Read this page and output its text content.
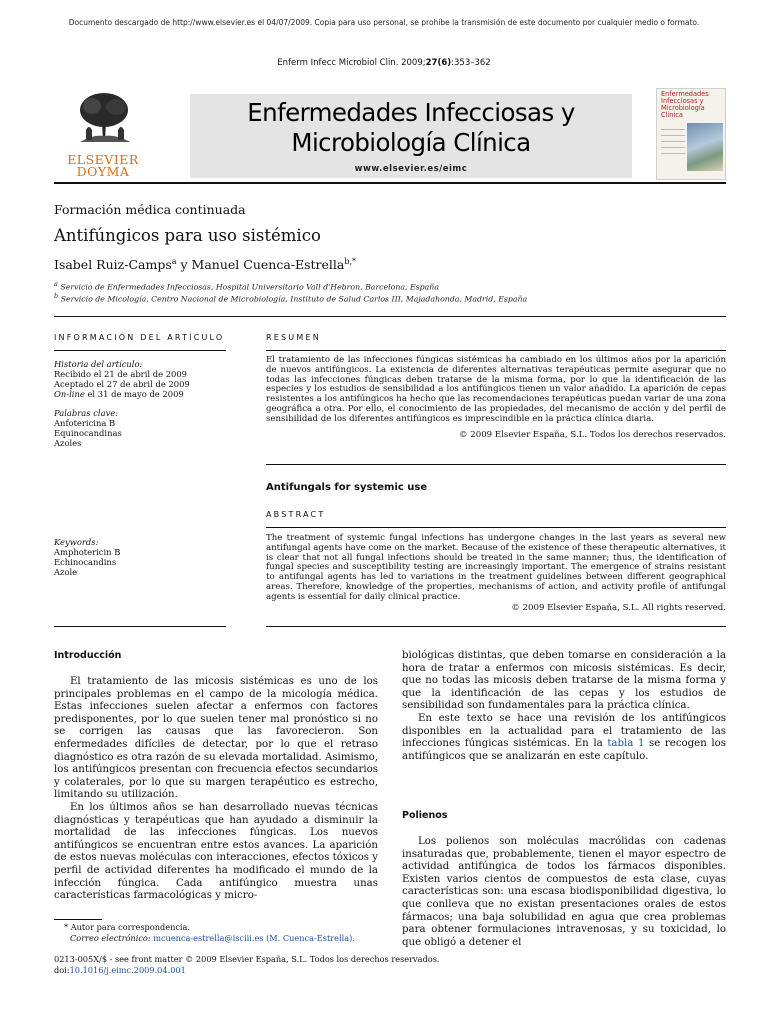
Documento descargado de http://www.elsevier.es el 04/07/2009. Copia para uso personal, se prohíbe la transmisión de este documento por cualquier medio o formato.
Enferm Infecc Microbiol Clin. 2009;27(6):353–362
ELSEVIER
DOYMA
Enfermedades Infecciosas y
Microbiología Clínica
www.elsevier.es/eimc
Enfermedades
Infecciosas y
Microbiología
Clínica
Formación médica continuada
Antifúngicos para uso sistémico
Isabel Ruiz-Camps$^a$ y Manuel Cuenca-Estrella$^{b,*}$
$^a$ Servicio de Enfermedades Infecciosas, Hospital Universitario Vall d'Hebron, Barcelona, España
$^b$ Servicio de Micología, Centro Nacional de Microbiología, Instituto de Salud Carlos III, Majadahonda, Madrid, España
INFORMACIÓN DEL ARTÍCULO
Historia del artículo:
Recibido el 21 de abril de 2009
Aceptado el 27 de abril de 2009
On-line el 31 de mayo de 2009
Palabras clave:
Anfotericina B
Equinocandinas
Azoles
Keywords:
Amphotericin B
Echinocandins
Azole
RESUMEN
El tratamiento de las infecciones fúngicas sistémicas ha cambiado en los últimos años por la aparición de nuevos antifúngicos. La existencia de diferentes alternativas terapéuticas permite asegurar que no todas las infecciones fúngicas deben tratarse de la misma forma, por lo que la identificación de las especies y los estudios de sensibilidad a los antifúngicos tienen un valor añadido. La aparición de cepas resistentes a los antifúngicos ha hecho que las recomendaciones terapéuticas puedan variar de una zona geográfica a otra. Por ello, el conocimiento de las propiedades, del mecanismo de acción y del perfil de sensibilidad de los diferentes antifúngicos es imprescindible en la práctica clínica diaria.
© 2009 Elsevier España, S.L. Todos los derechos reservados.
Antifungals for systemic use
ABSTRACT
The treatment of systemic fungal infections has undergone changes in the last years as several new antifungal agents have come on the market. Because of the existence of these therapeutic alternatives, it is clear that not all fungal infections should be treated in the same manner; thus, the identification of fungal species and susceptibility testing are increasingly important. The emergence of strains resistant to antifungal agents has led to variations in the treatment guidelines between different geographical areas. Therefore, knowledge of the properties, mechanisms of action, and activity profile of antifungal agents is essential for daily clinical practice.
© 2009 Elsevier España, S.L. All rights reserved.
Introducción

El tratamiento de las micosis sistémicas es uno de los principales problemas en el campo de la micología médica. Estas infecciones suelen afectar a enfermos con factores predisponentes, por lo que suelen tener mal pronóstico si no se corrigen las causas que las favorecieron. Son enfermedades difíciles de detectar, por lo que el retraso diagnóstico es otra razón de su elevada mortalidad. Asimismo, los antifúngicos presentan con frecuencia efectos secundarios y colaterales, por lo que su margen terapéutico es estrecho, limitando su utilización.

En los últimos años se han desarrollado nuevas técnicas diagnósticas y terapéuticas que han ayudado a disminuir la mortalidad de las infecciones fúngicas. Los nuevos antifúngicos se encuentran entre estos avances. La aparición de estos nuevas moléculas con interacciones, efectos tóxicos y perfil de actividad diferentes ha modificado el mundo de la infección fúngica. Cada antifúngico muestra unas características farmacológicas y micro-

* Autor para correspondencia.
Correo electrónico: mcuenca-estrella@isciii.es (M. Cuenca-Estrella).

biológicas distintas, que deben tomarse en consideración a la hora de tratar a enfermos con micosis sistémicas. Es decir, que no todas las micosis deben tratarse de la misma forma y que la identificación de las cepas y los estudios de sensibilidad son fundamentales para la práctica clínica.

En este texto se hace una revisión de los antifúngicos disponibles en la actualidad para el tratamiento de las infecciones fúngicas sistémicas. En la tabla 1 se recogen los antifúngicos que se analizarán en este capítulo.

Polienos

Los polienos son moléculas macrólidas con cadenas insaturadas que, probablemente, tienen el mayor espectro de actividad antifúngica de todos los fármacos disponibles. Existen varios cientos de compuestos de esta clase, cuyas características son: una escasa biodisponibilidad digestiva, lo que conlleva que no existan presentaciones orales de estos fármacos; una baja solubilidad en agua que crea problemas para obtener formulaciones intravenosas, y su toxicidad, lo que obligó a detener el

0213-005X/$ - see front matter © 2009 Elsevier España, S.L. Todos los derechos reservados.
doi:10.1016/j.eimc.2009.04.001
